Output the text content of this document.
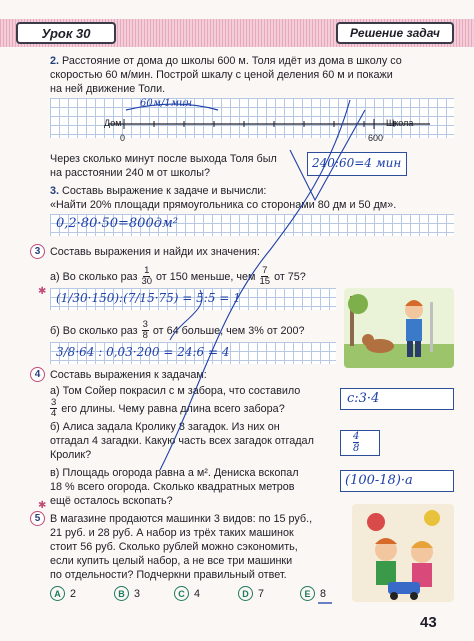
Урок 30	Решение задач
2. Расстояние от дома до школы 600 м. Толя идёт из дома в школу со
скоростью 60 м/мин. Построй шкалу с ценой деления 60 м и покажи
на ней движение Толи.
Дом	Школа
0	600
60м/1мин
Через сколько минут после выхода Толя был
на расстоянии 240 м от школы?
240:60=4 мин
3. Составь выражение к задаче и вычисли:
«Найти 20% площади прямоугольника со сторонами 80 дм и 50 дм».
0,2·80·50=800дм²
3 Составь выражения и найди их значения:
а) Во сколько раз 1
30 от 150 меньше, чем 7
15 от 75?
(1/30·150):(7/15·75) = 5:5 = 1
б) Во сколько раз 3
8 от 64 больше, чем 3% от 200?
3/8·64 : 0,03·200 = 24:6 = 4
4 Составь выражения к задачам:
а) Том Сойер покрасил c м забора, что составило
3
4 его длины. Чему равна длина всего забора?
c:3·4
б) Алиса задала Кролику 8 загадок. Из них он
отгадал 4 загадки. Какую часть всех загадок отгадал
Кролик?
4
8
в) Площадь огорода равна a м². Дениска вскопал
18 % всего огорода. Сколько квадратных метров
ещё осталось вскопать?
(100-18)·a
5 В магазине продаются машинки 3 видов: по 15 руб.,
21 руб. и 28 руб. А набор из трёх таких машинок
стоит 56 руб. Сколько рублей можно сэкономить,
если купить целый набор, а не все три машинки
по отдельности? Подчеркни правильный ответ.
А 2	В 3	С 4	D 7	Е 8
✱
✱
43
